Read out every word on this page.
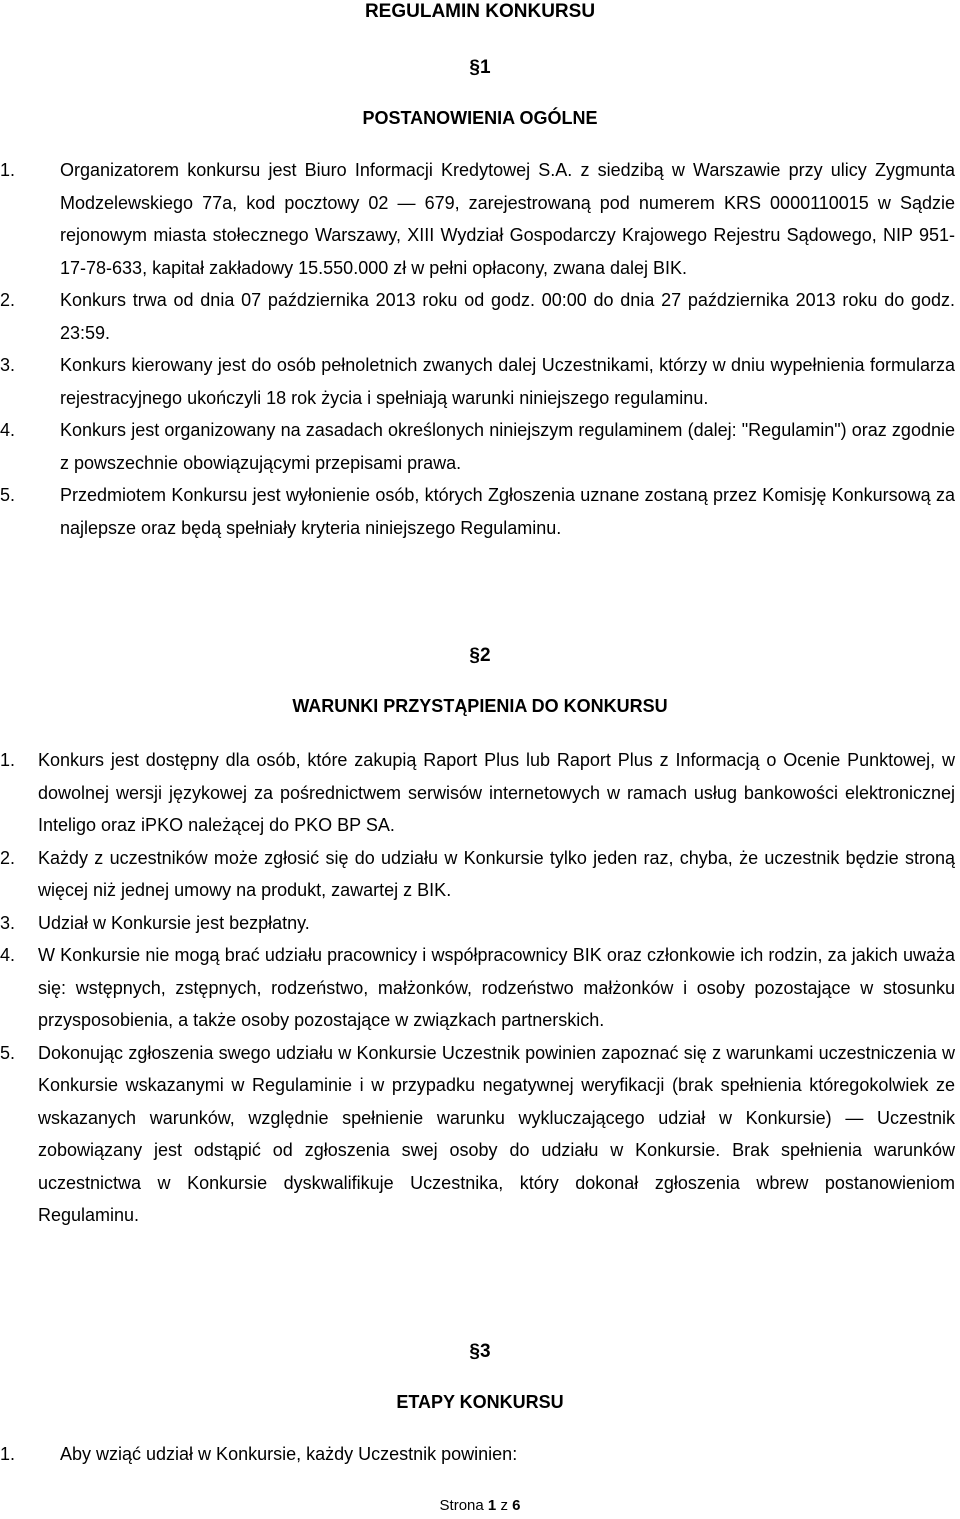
REGULAMIN KONKURSU
§1
POSTANOWIENIA OGÓLNE
1.	Organizatorem konkursu jest Biuro Informacji Kredytowej S.A. z siedzibą w Warszawie przy ulicy Zygmunta Modzelewskiego 77a, kod pocztowy 02 ― 679, zarejestrowaną pod numerem KRS 0000110015 w Sądzie rejonowym miasta stołecznego Warszawy, XIII Wydział Gospodarczy Krajowego Rejestru Sądowego, NIP 951-17-78-633, kapitał zakładowy 15.550.000 zł w pełni opłacony, zwana dalej BIK.
2.	Konkurs trwa od dnia 07 października 2013 roku od godz. 00:00 do dnia 27 października 2013 roku do godz. 23:59.
3.	Konkurs kierowany jest do osób pełnoletnich zwanych dalej Uczestnikami, którzy w dniu wypełnienia formularza rejestracyjnego ukończyli 18 rok życia i spełniają warunki niniejszego regulaminu.
4.	Konkurs jest organizowany na zasadach określonych niniejszym regulaminem (dalej: "Regulamin") oraz zgodnie z powszechnie obowiązującymi przepisami prawa.
5.	Przedmiotem Konkursu jest wyłonienie osób, których Zgłoszenia uznane zostaną przez Komisję Konkursową za najlepsze oraz będą spełniały kryteria niniejszego Regulaminu.
§2
WARUNKI PRZYSTĄPIENIA DO KONKURSU
1.	Konkurs jest dostępny dla osób, które zakupią Raport Plus lub Raport Plus z Informacją o Ocenie Punktowej, w dowolnej wersji językowej za pośrednictwem serwisów internetowych w ramach usług bankowości elektronicznej Inteligo oraz iPKO należącej do PKO BP SA.
2.	Każdy z uczestników może zgłosić się do udziału w Konkursie tylko jeden raz, chyba, że uczestnik będzie stroną więcej niż jednej umowy na produkt, zawartej z BIK.
3.	Udział w Konkursie jest bezpłatny.
4.	W Konkursie nie mogą brać udziału pracownicy i współpracownicy BIK oraz członkowie ich rodzin, za jakich uważa się: wstępnych, zstępnych, rodzeństwo, małżonków, rodzeństwo małżonków i osoby pozostające w stosunku przysposobienia, a także osoby pozostające w związkach partnerskich.
5.	Dokonując zgłoszenia swego udziału w Konkursie Uczestnik powinien zapoznać się z warunkami uczestniczenia w Konkursie wskazanymi w Regulaminie i w przypadku negatywnej weryfikacji (brak spełnienia któregokolwiek ze wskazanych warunków, względnie spełnienie warunku wykluczającego udział w Konkursie) ― Uczestnik zobowiązany jest odstąpić od zgłoszenia swej osoby do udziału w Konkursie. Brak spełnienia warunków uczestnictwa w Konkursie dyskwalifikuje Uczestnika, który dokonał zgłoszenia wbrew postanowieniom Regulaminu.
§3
ETAPY KONKURSU
1.	Aby wziąć udział w Konkursie, każdy Uczestnik powinien:
Strona 1 z 6
